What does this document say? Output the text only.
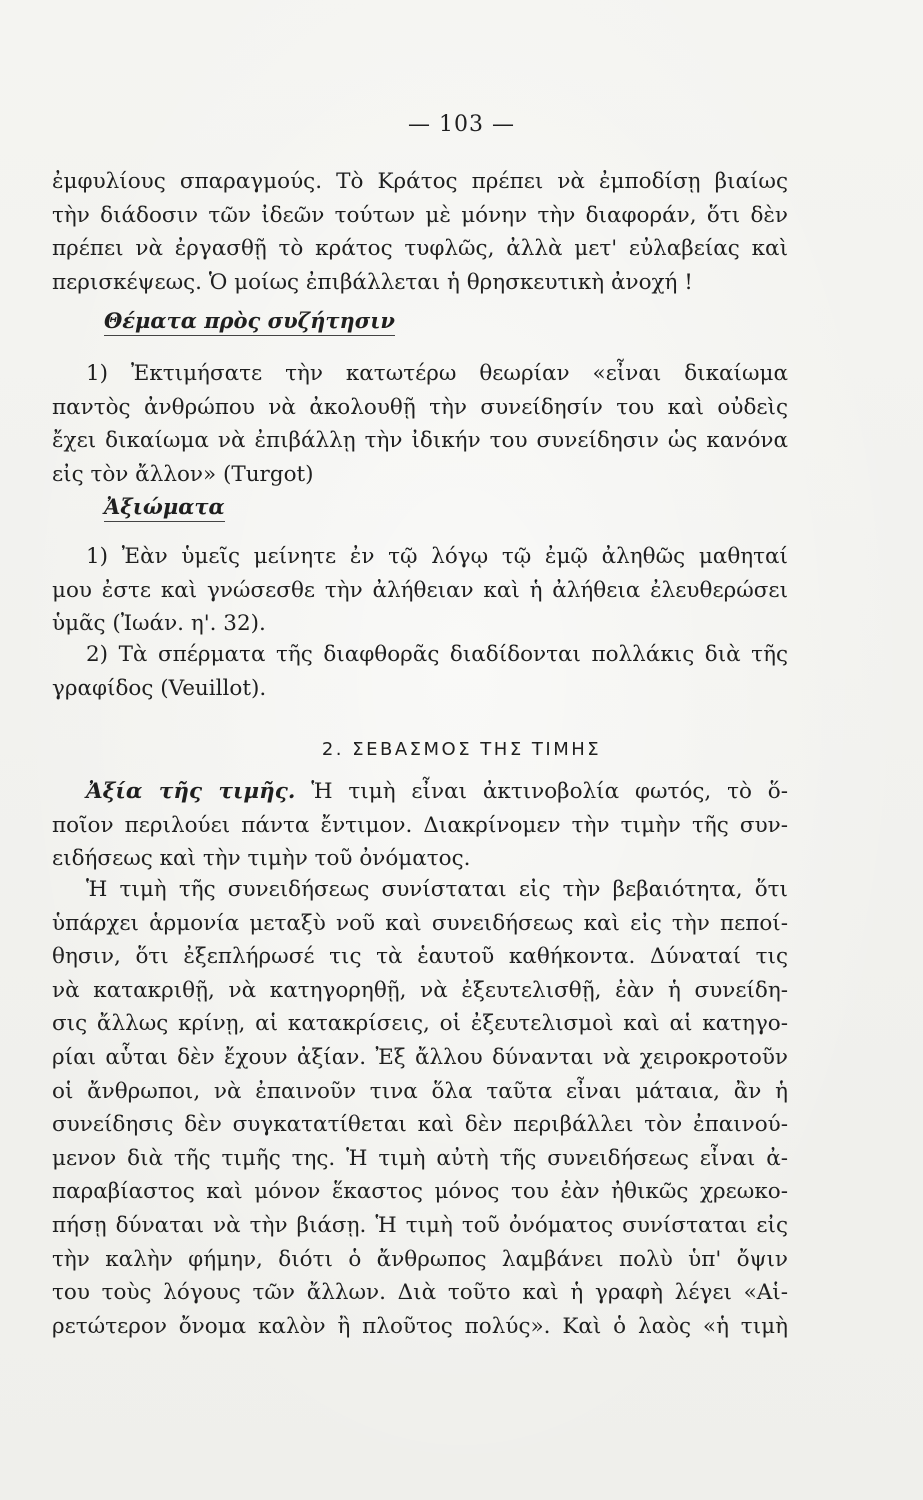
— 103 —
ἐμφυλίους σπαραγμούς. Τὸ Κράτος πρέπει νὰ ἐμποδίσῃ βιαίως
τὴν διάδοσιν τῶν ἰδεῶν τούτων μὲ μόνην τὴν διαφοράν, ὅτι δὲν
πρέπει νὰ ἐργασθῇ τὸ κράτος τυφλῶς, ἀλλὰ μετ' εὐλαβείας καὶ
περισκέψεως. Ὁ μοίως ἐπιβάλλεται ἡ θρησκευτικὴ ἀνοχή !
Θέματα πρὸς συζήτησιν
1) Ἐκτιμήσατε τὴν κατωτέρω θεωρίαν «εἶναι δικαίωμα
παντὸς ἀνθρώπου νὰ ἀκολουθῇ τὴν συνείδησίν του καὶ οὐδεὶς
ἔχει δικαίωμα νὰ ἐπιβάλλῃ τὴν ἰδικήν του συνείδησιν ὡς κανόνα
εἰς τὸν ἄλλον» (Turgot)
Ἀξιώματα
1) Ἐὰν ὑμεῖς μείνητε ἐν τῷ λόγῳ τῷ ἐμῷ ἀληθῶς μαθηταί
μου ἐστε καὶ γνώσεσθε τὴν ἀλήθειαν καὶ ἡ ἀλήθεια ἐλευθερώσει
ὑμᾶς (Ἰωάν. η'. 32).
2) Τὰ σπέρματα τῆς διαφθορᾶς διαδίδονται πολλάκις διὰ τῆς
γραφίδος (Veuillot).
2. ΣΕΒΑΣΜΟΣ ΤΗΣ ΤΙΜΗΣ
Ἀξία τῆς τιμῆς. Ἡ τιμὴ εἶναι ἀκτινοβολία φωτός, τὸ ὅ-
ποῖον περιλούει πάντα ἔντιμον. Διακρίνομεν τὴν τιμὴν τῆς συν-
ειδήσεως καὶ τὴν τιμὴν τοῦ ὀνόματος.
Ἡ τιμὴ τῆς συνειδήσεως συνίσταται εἰς τὴν βεβαιότητα, ὅτι
ὑπάρχει ἁρμονία μεταξὺ νοῦ καὶ συνειδήσεως καὶ εἰς τὴν πεποί-
θησιν, ὅτι ἐξεπλήρωσέ τις τὰ ἑαυτοῦ καθήκοντα. Δύναταί τις
νὰ κατακριθῇ, νὰ κατηγορηθῇ, νὰ ἐξευτελισθῇ, ἐὰν ἡ συνείδη-
σις ἄλλως κρίνῃ, αἱ κατακρίσεις, οἱ ἐξευτελισμοὶ καὶ αἱ κατηγο-
ρίαι αὗται δὲν ἔχουν ἀξίαν. Ἐξ ἄλλου δύνανται νὰ χειροκροτοῦν
οἱ ἄνθρωποι, νὰ ἐπαινοῦν τινα ὅλα ταῦτα εἶναι μάταια, ἂν ἡ
συνείδησις δὲν συγκατατίθεται καὶ δὲν περιβάλλει τὸν ἐπαινού-
μενον διὰ τῆς τιμῆς της. Ἡ τιμὴ αὐτὴ τῆς συνειδήσεως εἶναι ἀ-
παραβίαστος καὶ μόνον ἕκαστος μόνος του ἐὰν ἠθικῶς χρεωκο-
πήσῃ δύναται νὰ τὴν βιάσῃ. Ἡ τιμὴ τοῦ ὀνόματος συνίσταται εἰς
τὴν καλὴν φήμην, διότι ὁ ἄνθρωπος λαμβάνει πολὺ ὑπ' ὄψιν
του τοὺς λόγους τῶν ἄλλων. Διὰ τοῦτο καὶ ἡ γραφὴ λέγει «Αἱ-
ρετώτερον ὄνομα καλὸν ἢ πλοῦτος πολύς». Καὶ ὁ λαὸς «ἡ τιμὴ
